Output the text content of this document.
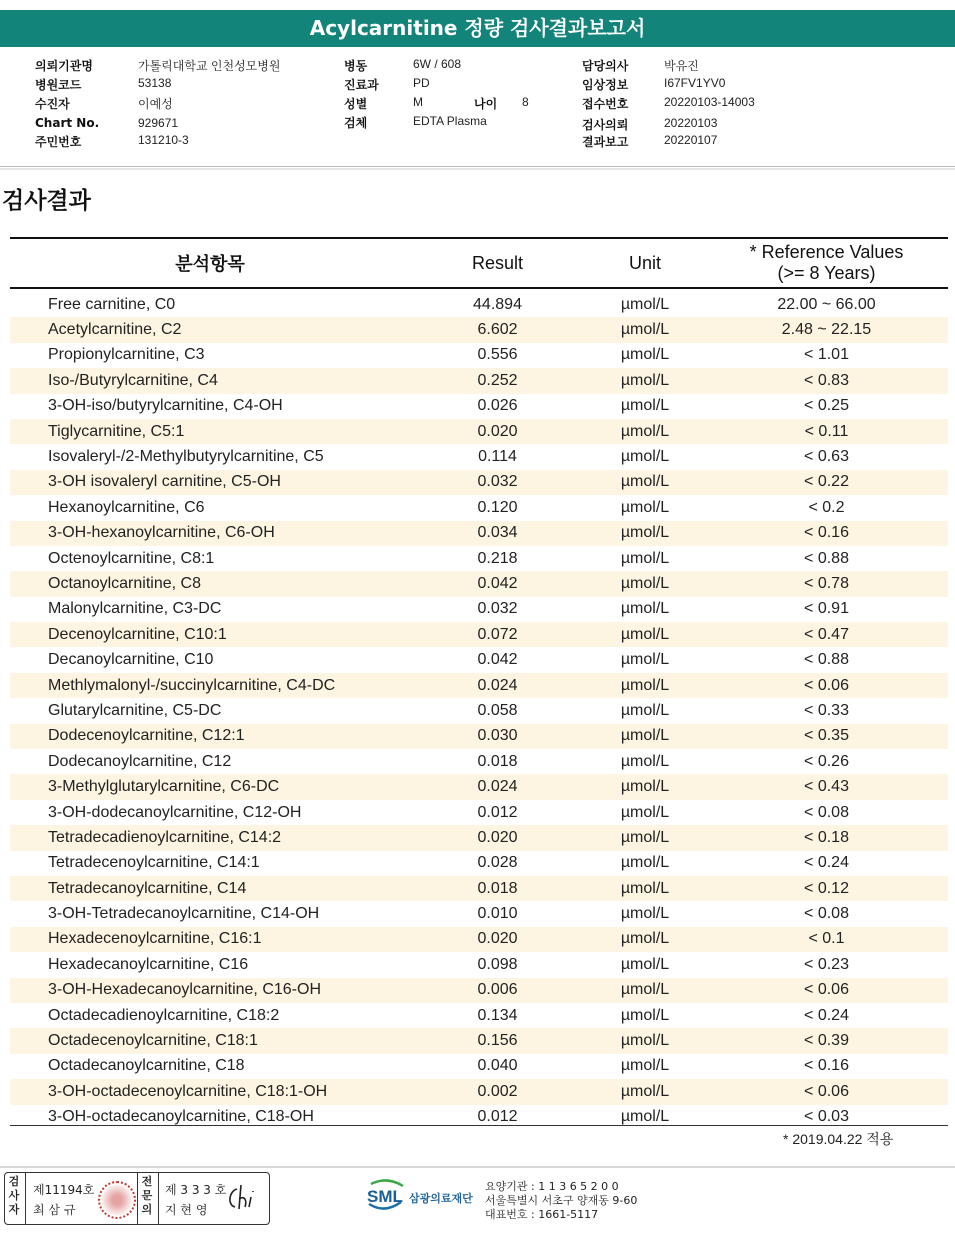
Acylcarnitine 정량 검사결과보고서
의뢰기관명	가톨릭대학교 인천성모병원
병원코드	53138
수진자	이예성
Chart No.	929671
주민번호	131210-3
병동	6W / 608
진료과	PD
성별	M	나이 8
검체	EDTA Plasma
담당의사	박유진
임상정보	I67FV1YV0
접수번호	20220103-14003
검사의뢰	20220103
결과보고	20220107
검사결과
분석항목	Result	Unit	* Reference Values
(>= 8 Years)

Free carnitine, C0	44.894	µmol/L	22.00 ~ 66.00
Acetylcarnitine, C2	6.602	µmol/L	2.48 ~ 22.15
Propionylcarnitine, C3	0.556	µmol/L	< 1.01
Iso-/Butyrylcarnitine, C4	0.252	µmol/L	< 0.83
3-OH-iso/butyrylcarnitine, C4-OH	0.026	µmol/L	< 0.25
Tiglycarnitine, C5:1	0.020	µmol/L	< 0.11
Isovaleryl-/2-Methylbutyrylcarnitine, C5	0.114	µmol/L	< 0.63
3-OH isovaleryl carnitine, C5-OH	0.032	µmol/L	< 0.22
Hexanoylcarnitine, C6	0.120	µmol/L	< 0.2
3-OH-hexanoylcarnitine, C6-OH	0.034	µmol/L	< 0.16
Octenoylcarnitine, C8:1	0.218	µmol/L	< 0.88
Octanoylcarnitine, C8	0.042	µmol/L	< 0.78
Malonylcarnitine, C3-DC	0.032	µmol/L	< 0.91
Decenoylcarnitine, C10:1	0.072	µmol/L	< 0.47
Decanoylcarnitine, C10	0.042	µmol/L	< 0.88
Methlymalonyl-/succinylcarnitine, C4-DC	0.024	µmol/L	< 0.06
Glutarylcarnitine, C5-DC	0.058	µmol/L	< 0.33
Dodecenoylcarnitine, C12:1	0.030	µmol/L	< 0.35
Dodecanoylcarnitine, C12	0.018	µmol/L	< 0.26
3-Methylglutarylcarnitine, C6-DC	0.024	µmol/L	< 0.43
3-OH-dodecanoylcarnitine, C12-OH	0.012	µmol/L	< 0.08
Tetradecadienoylcarnitine, C14:2	0.020	µmol/L	< 0.18
Tetradecenoylcarnitine, C14:1	0.028	µmol/L	< 0.24
Tetradecanoylcarnitine, C14	0.018	µmol/L	< 0.12
3-OH-Tetradecanoylcarnitine, C14-OH	0.010	µmol/L	< 0.08
Hexadecenoylcarnitine, C16:1	0.020	µmol/L	< 0.1
Hexadecanoylcarnitine, C16	0.098	µmol/L	< 0.23
3-OH-Hexadecanoylcarnitine, C16-OH	0.006	µmol/L	< 0.06
Octadecadienoylcarnitine, C18:2	0.134	µmol/L	< 0.24
Octadecenoylcarnitine, C18:1	0.156	µmol/L	< 0.39
Octadecanoylcarnitine, C18	0.040	µmol/L	< 0.16
3-OH-octadecenoylcarnitine, C18:1-OH	0.002	µmol/L	< 0.06
3-OH-octadecanoylcarnitine, C18-OH	0.012	µmol/L	< 0.03
* 2019.04.22 적용
검사자
제11194호
최 삼 규
전문의
제 3 3 3 호
지 현 영
SML 삼광의료재단
요양기관 : 1 1 3 6 5 2 0 0
서울특별시 서초구 양재동 9-60
대표번호 : 1661-5117
